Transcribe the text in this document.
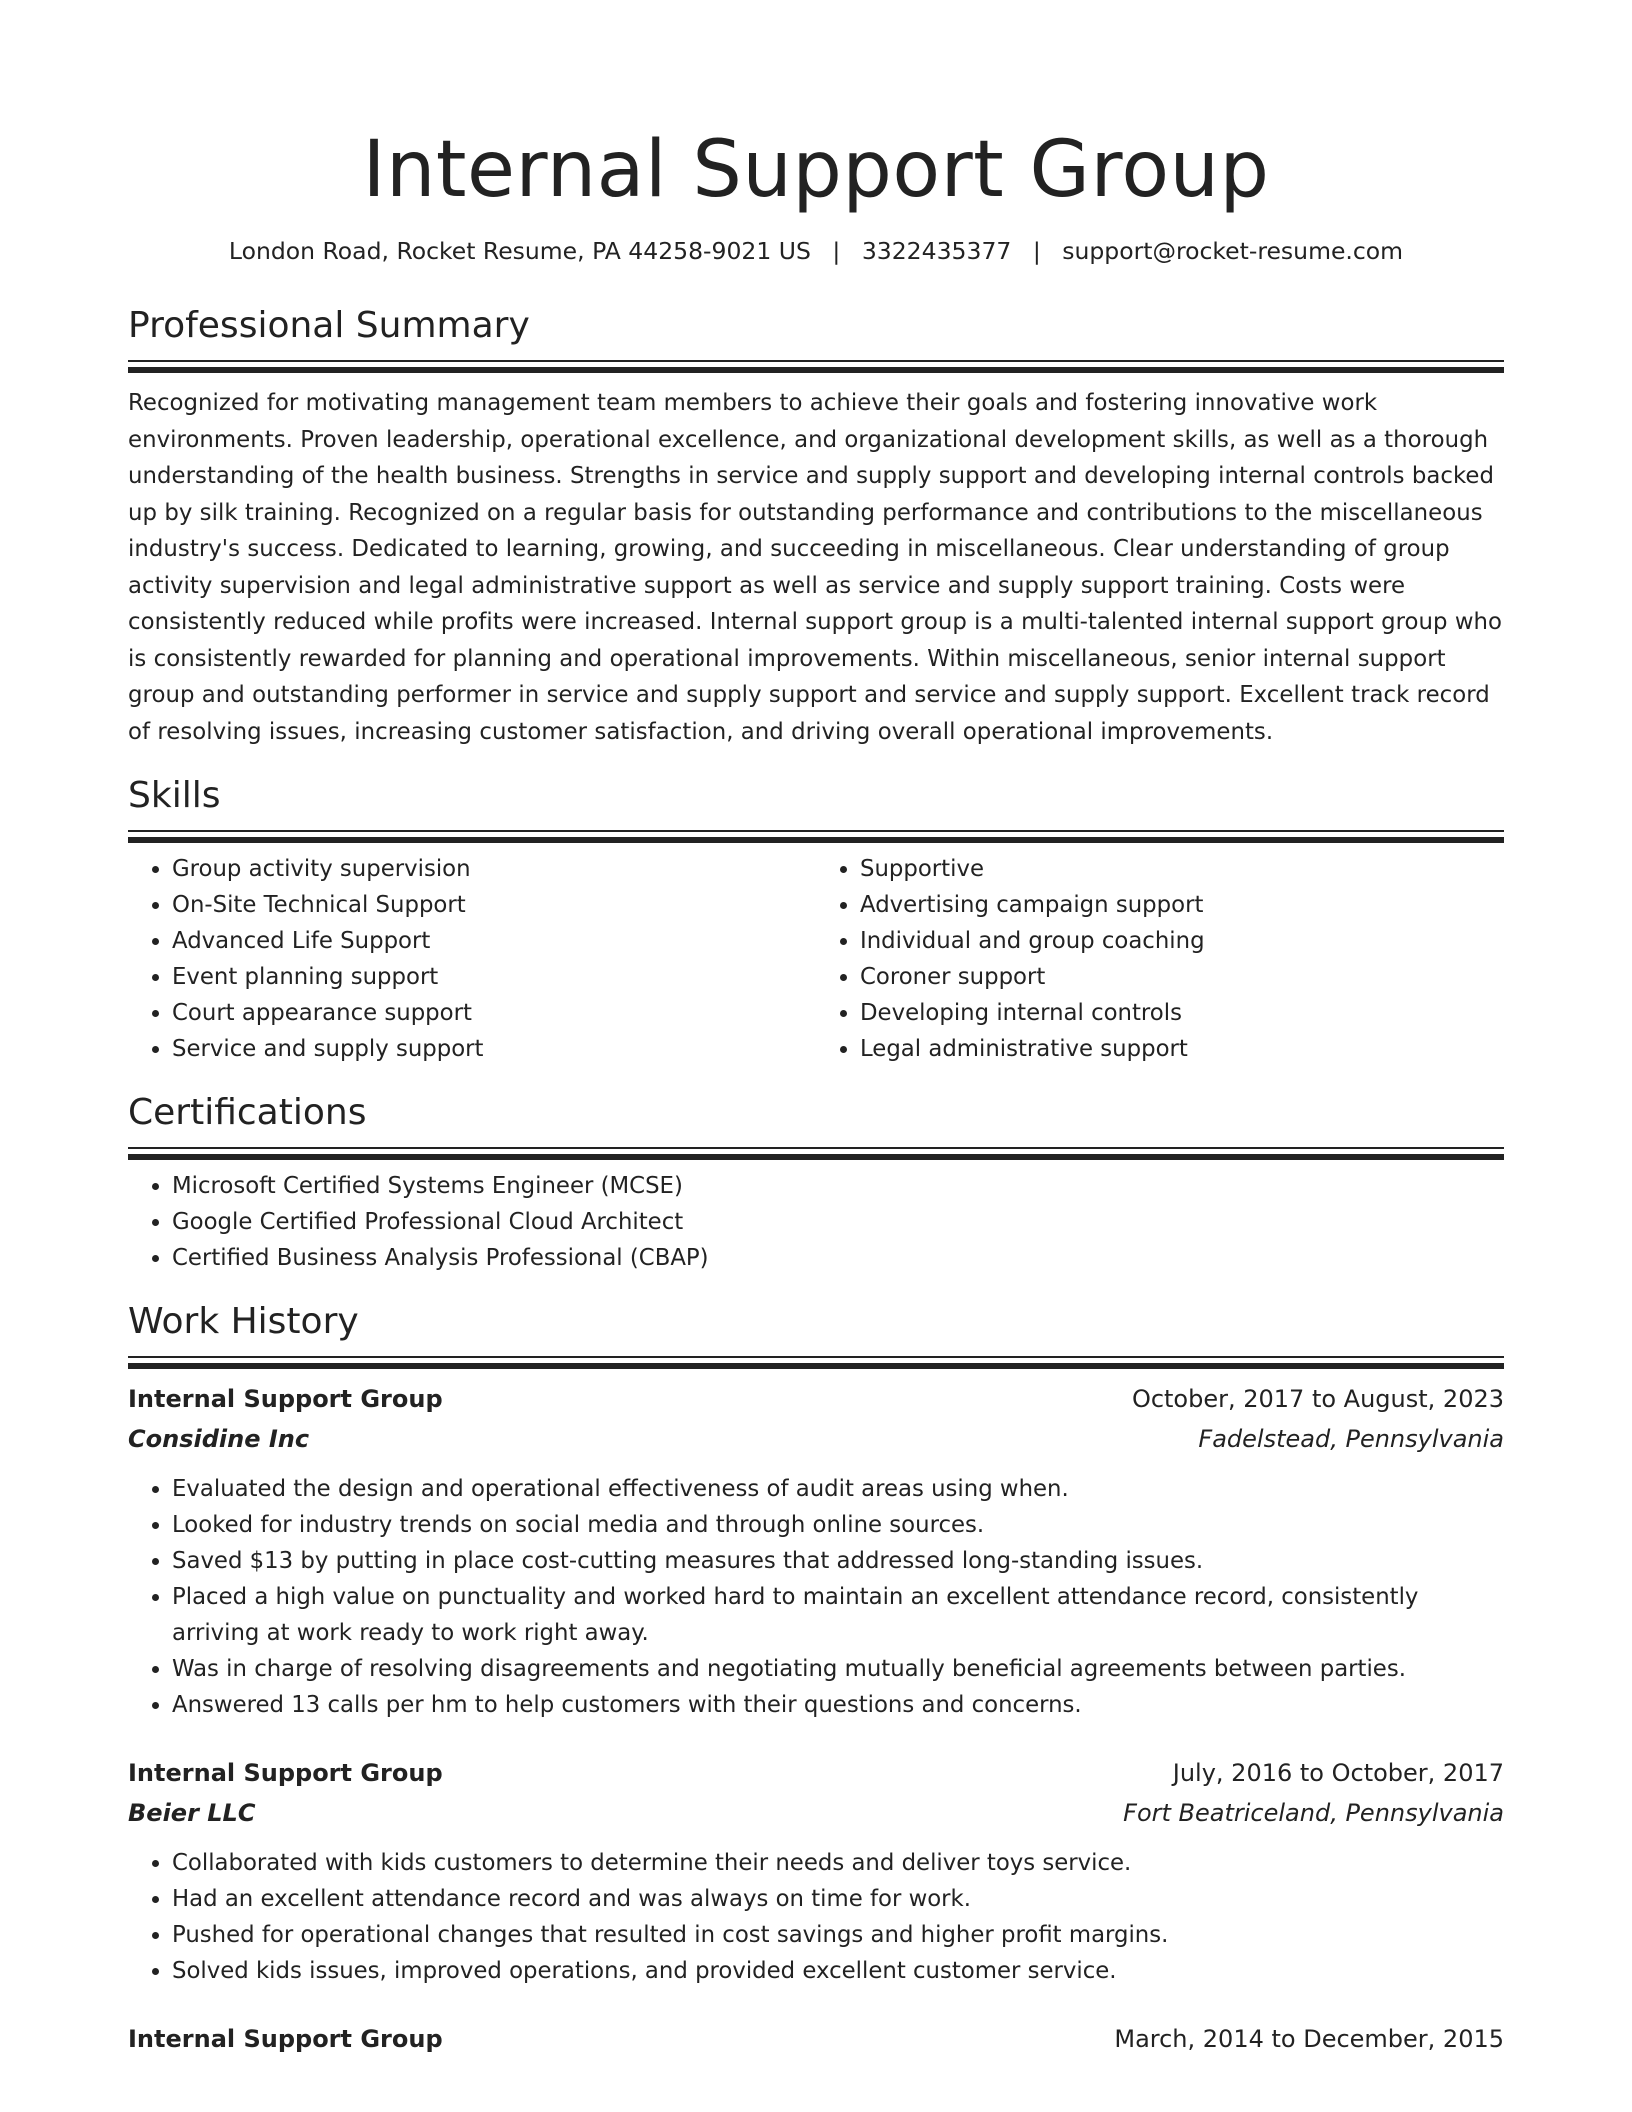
Internal Support Group
London Road, Rocket Resume, PA 44258-9021 US | 3322435377 | support@rocket-resume.com
Professional Summary

Recognized for motivating management team members to achieve their goals and fostering innovative work environments. Proven leadership, operational excellence, and organizational development skills, as well as a thorough understanding of the health business. Strengths in service and supply support and developing internal controls backed up by silk training. Recognized on a regular basis for outstanding performance and contributions to the miscellaneous industry's success. Dedicated to learning, growing, and succeeding in miscellaneous. Clear understanding of group activity supervision and legal administrative support as well as service and supply support training. Costs were consistently reduced while profits were increased. Internal support group is a multi-talented internal support group who is consistently rewarded for planning and operational improvements. Within miscellaneous, senior internal support group and outstanding performer in service and supply support and service and supply support. Excellent track record of resolving issues, increasing customer satisfaction, and driving overall operational improvements.

Skills
• Group activity supervision
• On-Site Technical Support
• Advanced Life Support
• Event planning support
• Court appearance support
• Service and supply support
• Supportive
• Advertising campaign support
• Individual and group coaching
• Coroner support
• Developing internal controls
• Legal administrative support
Certifications
• Microsoft Certified Systems Engineer (MCSE)
• Google Certified Professional Cloud Architect
• Certified Business Analysis Professional (CBAP)
Work History
Internal Support Group	October, 2017 to August, 2023
Considine Inc	Fadelstead, Pennsylvania
• Evaluated the design and operational effectiveness of audit areas using when.
• Looked for industry trends on social media and through online sources.
• Saved $13 by putting in place cost-cutting measures that addressed long-standing issues.
• Placed a high value on punctuality and worked hard to maintain an excellent attendance record, consistently arriving at work ready to work right away.
• Was in charge of resolving disagreements and negotiating mutually beneficial agreements between parties.
• Answered 13 calls per hm to help customers with their questions and concerns.
Internal Support Group	July, 2016 to October, 2017
Beier LLC	Fort Beatriceland, Pennsylvania
• Collaborated with kids customers to determine their needs and deliver toys service.
• Had an excellent attendance record and was always on time for work.
• Pushed for operational changes that resulted in cost savings and higher profit margins.
• Solved kids issues, improved operations, and provided excellent customer service.
Internal Support Group	March, 2014 to December, 2015
